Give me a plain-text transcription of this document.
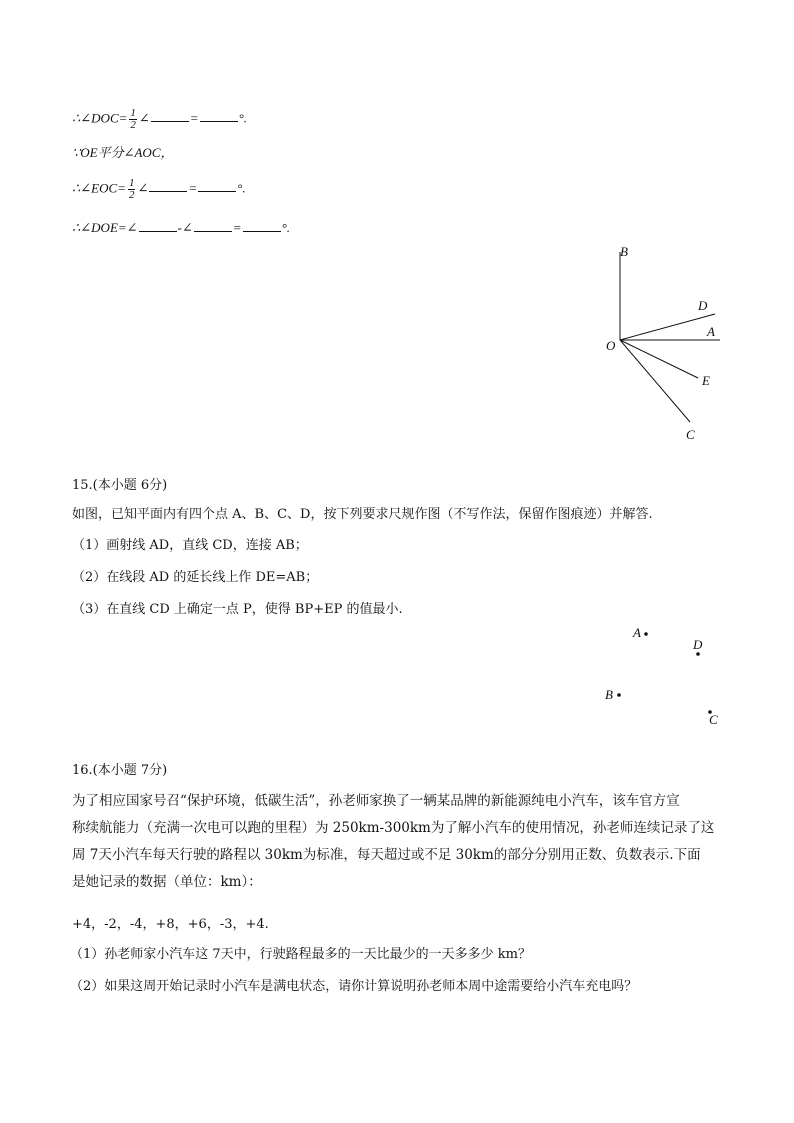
∴∠DOC= $\frac{1}{2}$ ∠	=	°.
∵OE平分∠AOC，
∴∠EOC= $\frac{1}{2}$ ∠	=	°.
∴∠DOE=∠	-∠	=	°.
B
D
A
O
E
C
15.(本小题 6分)
如图，已知平面内有四个点 A、B、C、D，按下列要求尺规作图（不写作法，保留作图痕迹）并解答.
（1）画射线 AD，直线 CD，连接 AB；
（2）在线段 AD 的延长线上作 DE=AB；
（3）在直线 CD 上确定一点 P，使得 BP+EP 的值最小.
A
D
B
C
16.(本小题 7分)
为了相应国家号召“保护环境，低碳生活”，孙老师家换了一辆某品牌的新能源纯电小汽车，该车官方宣
称续航能力（充满一次电可以跑的里程）为 250km-300km为了解小汽车的使用情况，孙老师连续记录了这
周 7天小汽车每天行驶的路程以 30km为标准，每天超过或不足 30km的部分分别用正数、负数表示.下面
是她记录的数据（单位：km）：
+4，-2，-4，+8，+6，-3，+4.
（1）孙老师家小汽车这 7天中，行驶路程最多的一天比最少的一天多多少 km？
（2）如果这周开始记录时小汽车是满电状态，请你计算说明孙老师本周中途需要给小汽车充电吗？
